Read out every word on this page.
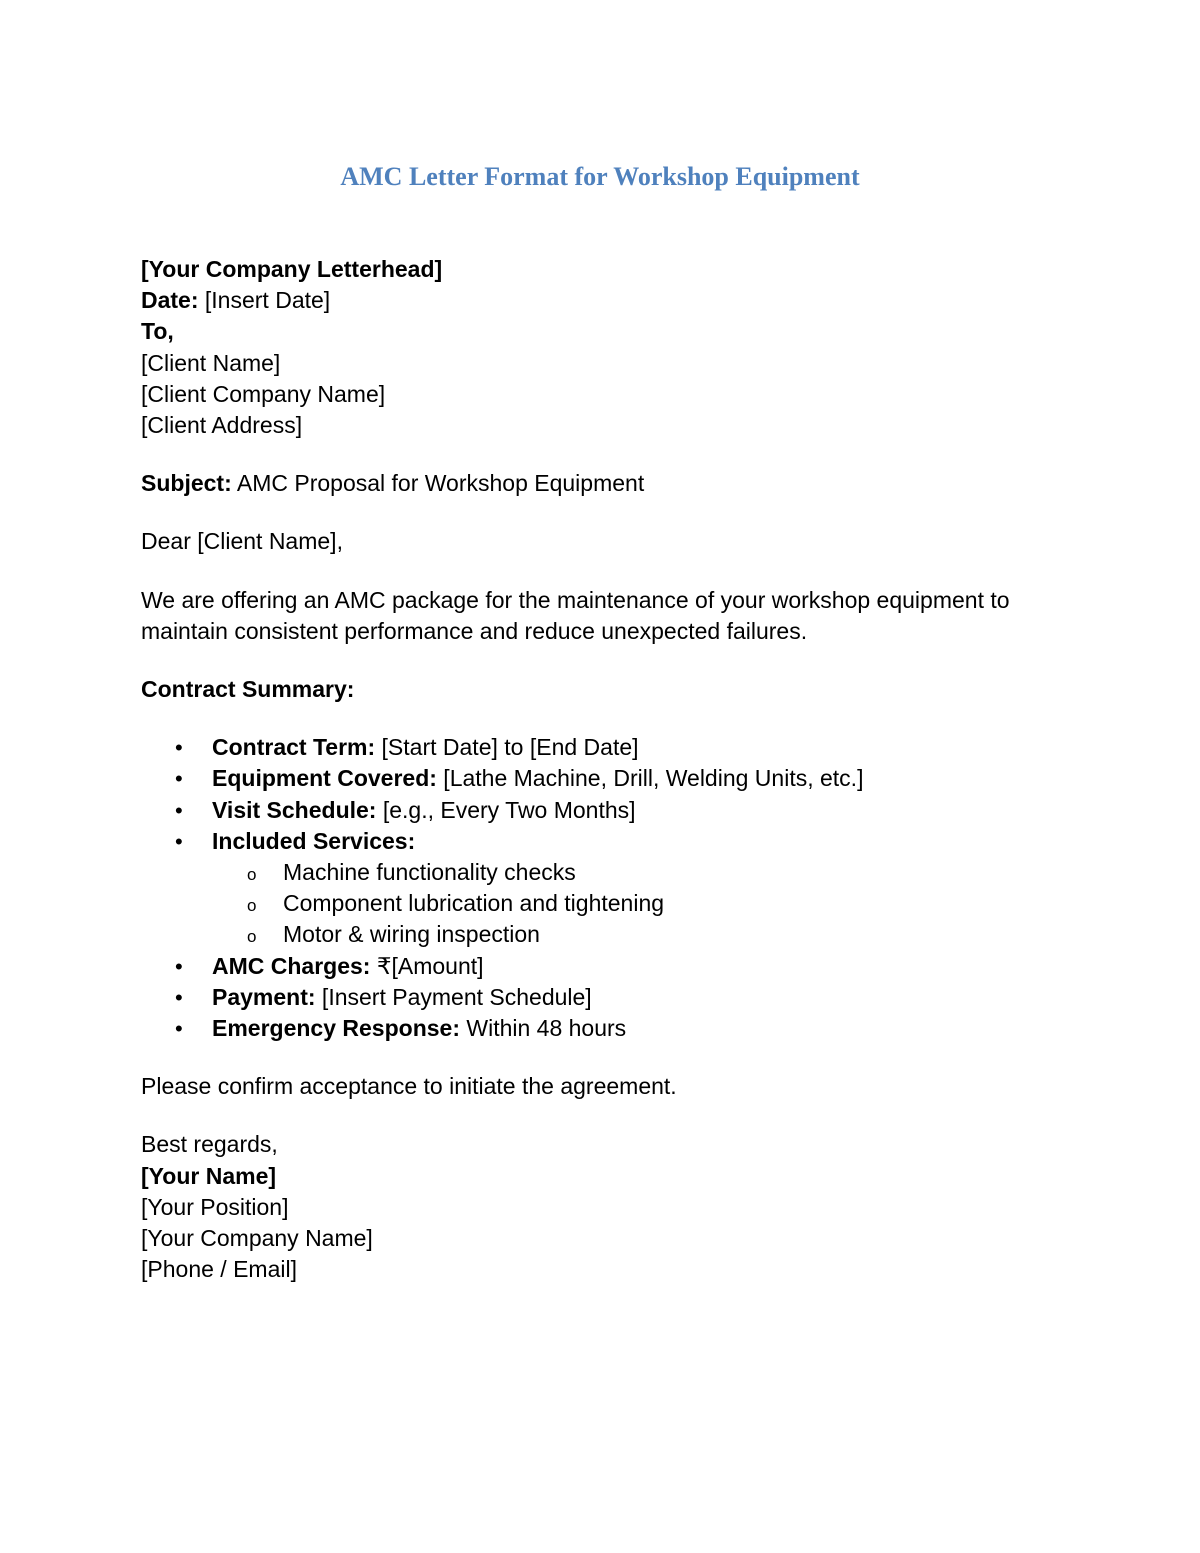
AMC Letter Format for Workshop Equipment

[Your Company Letterhead]

Date: [Insert Date]

To,

[Client Name]

[Client Company Name]

[Client Address]

Subject: AMC Proposal for Workshop Equipment

Dear [Client Name],

We are offering an AMC package for the maintenance of your workshop equipment to

maintain consistent performance and reduce unexpected failures.

Contract Summary:

• Contract Term: [Start Date] to [End Date]
• Equipment Covered: [Lathe Machine, Drill, Welding Units, etc.]
• Visit Schedule: [e.g., Every Two Months]
• Included Services:
o Machine functionality checks
o Component lubrication and tightening
o Motor & wiring inspection
• AMC Charges: ₹[Amount]
• Payment: [Insert Payment Schedule]
• Emergency Response: Within 48 hours

Please confirm acceptance to initiate the agreement.

Best regards,

[Your Name]

[Your Position]

[Your Company Name]

[Phone / Email]
